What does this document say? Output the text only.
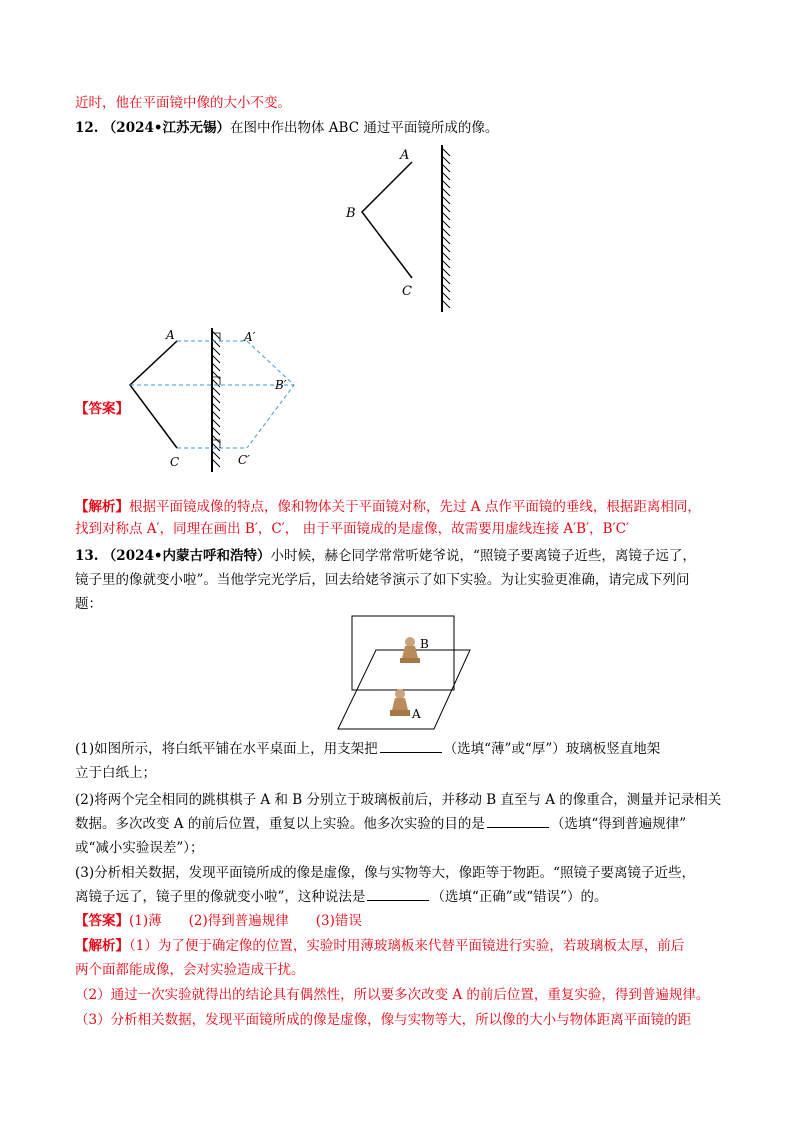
近时，他在平面镜中像的大小不变。
12. （2024•江苏无锡）在图中作出物体 ABC 通过平面镜所成的像。
A
B
C
【答案】
A	A′
B′
C	C′
【解析】根据平面镜成像的特点，像和物体关于平面镜对称，先过 A 点作平面镜的垂线，根据距离相同，
找到对称点 A′，同理在画出 B′，C′， 由于平面镜成的是虚像，故需要用虚线连接 A′B′，B′C′
13. （2024•内蒙古呼和浩特）小时候，赫仑同学常常听姥爷说，“照镜子要离镜子近些，离镜子远了，
镜子里的像就变小啦”。当他学完光学后，回去给姥爷演示了如下实验。为让实验更准确，请完成下列问
题：
B
A
(1)如图所示，将白纸平铺在水平桌面上，用支架把	（选填“薄”或“厚”）玻璃板竖直地架
立于白纸上；
(2)将两个完全相同的跳棋棋子 A 和 B 分别立于玻璃板前后，并移动 B 直至与 A 的像重合，测量并记录相关
数据。多次改变 A 的前后位置，重复以上实验。他多次实验的目的是	（选填“得到普遍规律”
或“减小实验误差”）；
(3)分析相关数据，发现平面镜所成的像是虚像，像与实物等大，像距等于物距。“照镜子要离镜子近些，
离镜子远了，镜子里的像就变小啦”，这种说法是	（选填“正确”或“错误”）的。
【答案】(1)薄　　(2)得到普遍规律　　(3)错误
【解析】（1）为了便于确定像的位置，实验时用薄玻璃板来代替平面镜进行实验，若玻璃板太厚，前后
两个面都能成像，会对实验造成干扰。
（2）通过一次实验就得出的结论具有偶然性，所以要多次改变 A 的前后位置，重复实验，得到普遍规律。
（3）分析相关数据，发现平面镜所成的像是虚像，像与实物等大，所以像的大小与物体距离平面镜的距
